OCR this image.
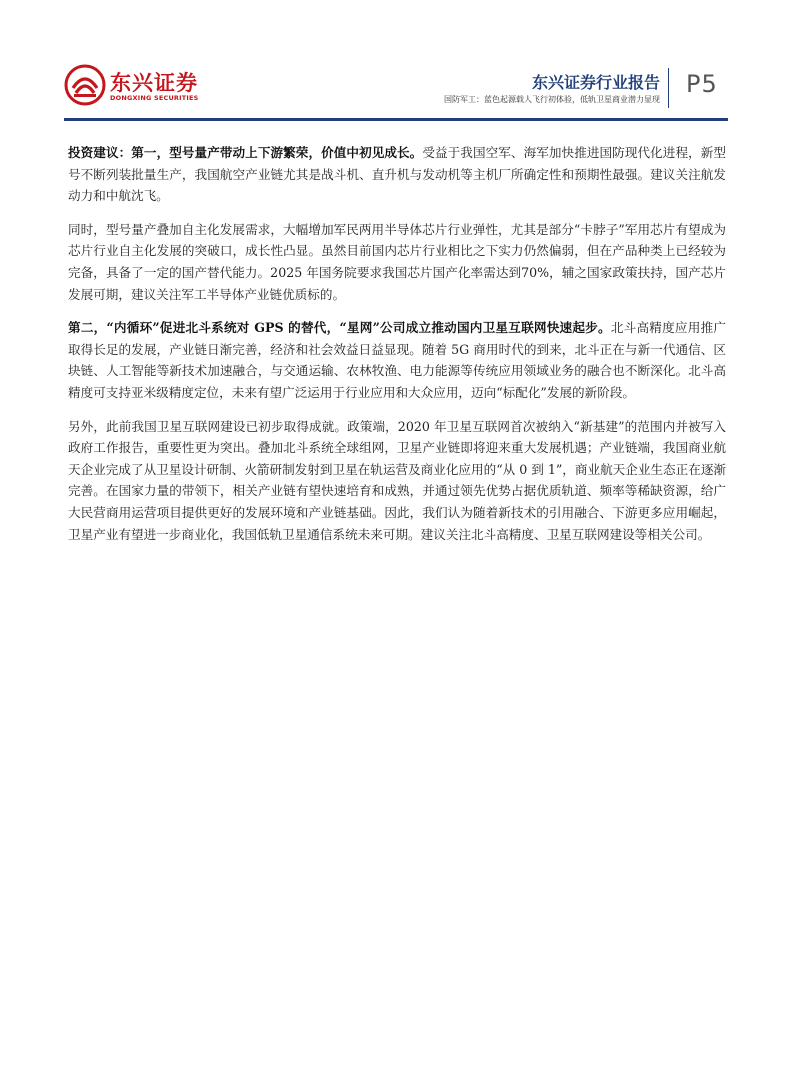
东兴证券
DONGXING SECURITIES
东兴证券行业报告
国防军工：蓝色起源载人飞行初体验，低轨卫星商业潜力显现
P5

投资建议：第一，型号量产带动上下游繁荣，价值中初见成长。受益于我国空军、海军加快推进国防现代化进程，新型号不断列装批量生产，我国航空产业链尤其是战斗机、直升机与发动机等主机厂所确定性和预期性最强。建议关注航发动力和中航沈飞。

同时，型号量产叠加自主化发展需求，大幅增加军民两用半导体芯片行业弹性，尤其是部分“卡脖子”军用芯片有望成为芯片行业自主化发展的突破口，成长性凸显。虽然目前国内芯片行业相比之下实力仍然偏弱，但在产品种类上已经较为完备，具备了一定的国产替代能力。2025 年国务院要求我国芯片国产化率需达到70%，辅之国家政策扶持，国产芯片发展可期，建议关注军工半导体产业链优质标的。

第二，“内循环”促进北斗系统对 GPS 的替代，“星网”公司成立推动国内卫星互联网快速起步。北斗高精度应用推广取得长足的发展，产业链日渐完善，经济和社会效益日益显现。随着 5G 商用时代的到来，北斗正在与新一代通信、区块链、人工智能等新技术加速融合，与交通运输、农林牧渔、电力能源等传统应用领域业务的融合也不断深化。北斗高精度可支持亚米级精度定位，未来有望广泛运用于行业应用和大众应用，迈向“标配化”发展的新阶段。

另外，此前我国卫星互联网建设已初步取得成就。政策端，2020 年卫星互联网首次被纳入“新基建”的范围内并被写入政府工作报告，重要性更为突出。叠加北斗系统全球组网，卫星产业链即将迎来重大发展机遇；产业链端，我国商业航天企业完成了从卫星设计研制、火箭研制发射到卫星在轨运营及商业化应用的“从 0 到 1”，商业航天企业生态正在逐渐完善。在国家力量的带领下，相关产业链有望快速培育和成熟，并通过领先优势占据优质轨道、频率等稀缺资源，给广大民营商用运营项目提供更好的发展环境和产业链基础。因此，我们认为随着新技术的引用融合、下游更多应用崛起，卫星产业有望进一步商业化，我国低轨卫星通信系统未来可期。建议关注北斗高精度、卫星互联网建设等相关公司。
